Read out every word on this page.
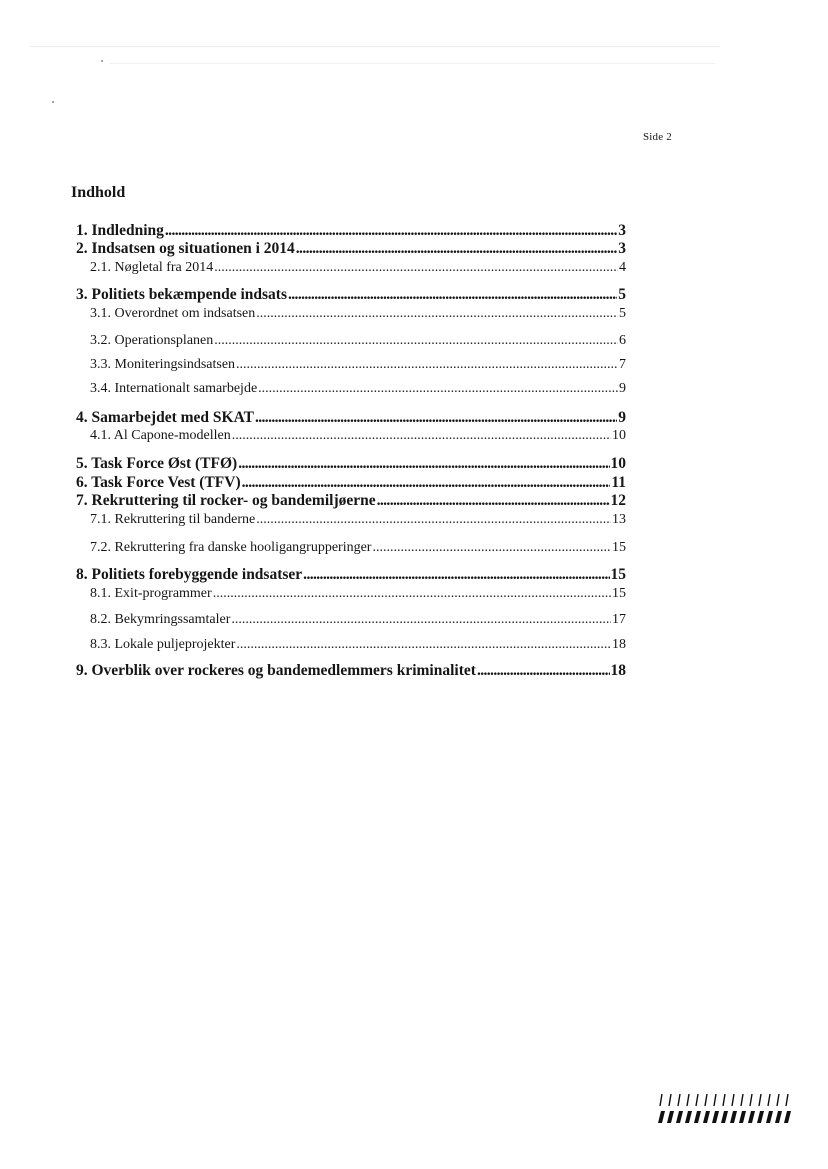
Side 2
Indhold
1. Indledning .....	3
2. Indsatsen og situationen i 2014 .....	3
2.1. Nøgletal fra 2014 .....	4
3. Politiets bekæmpende indsats .....	5
3.1. Overordnet om indsatsen .....	5
3.2. Operationsplanen .....	6
3.3. Moniteringsindsatsen .....	7
3.4. Internationalt samarbejde .....	9
4. Samarbejdet med SKAT .....	9
4.1. Al Capone-modellen .....	10
5. Task Force Øst (TFØ) .....	10
6. Task Force Vest (TFV) .....	11
7. Rekruttering til rocker- og bandemiljøerne .....	12
7.1. Rekruttering til banderne .....	13
7.2. Rekruttering fra danske hooligangrupperinger .....	15
8. Politiets forebyggende indsatser .....	15
8.1. Exit-programmer .....	15
8.2. Bekymringssamtaler .....	17
8.3. Lokale puljeprojekter .....	18
9. Overblik over rockeres og bandemedlemmers kriminalitet .....	18
